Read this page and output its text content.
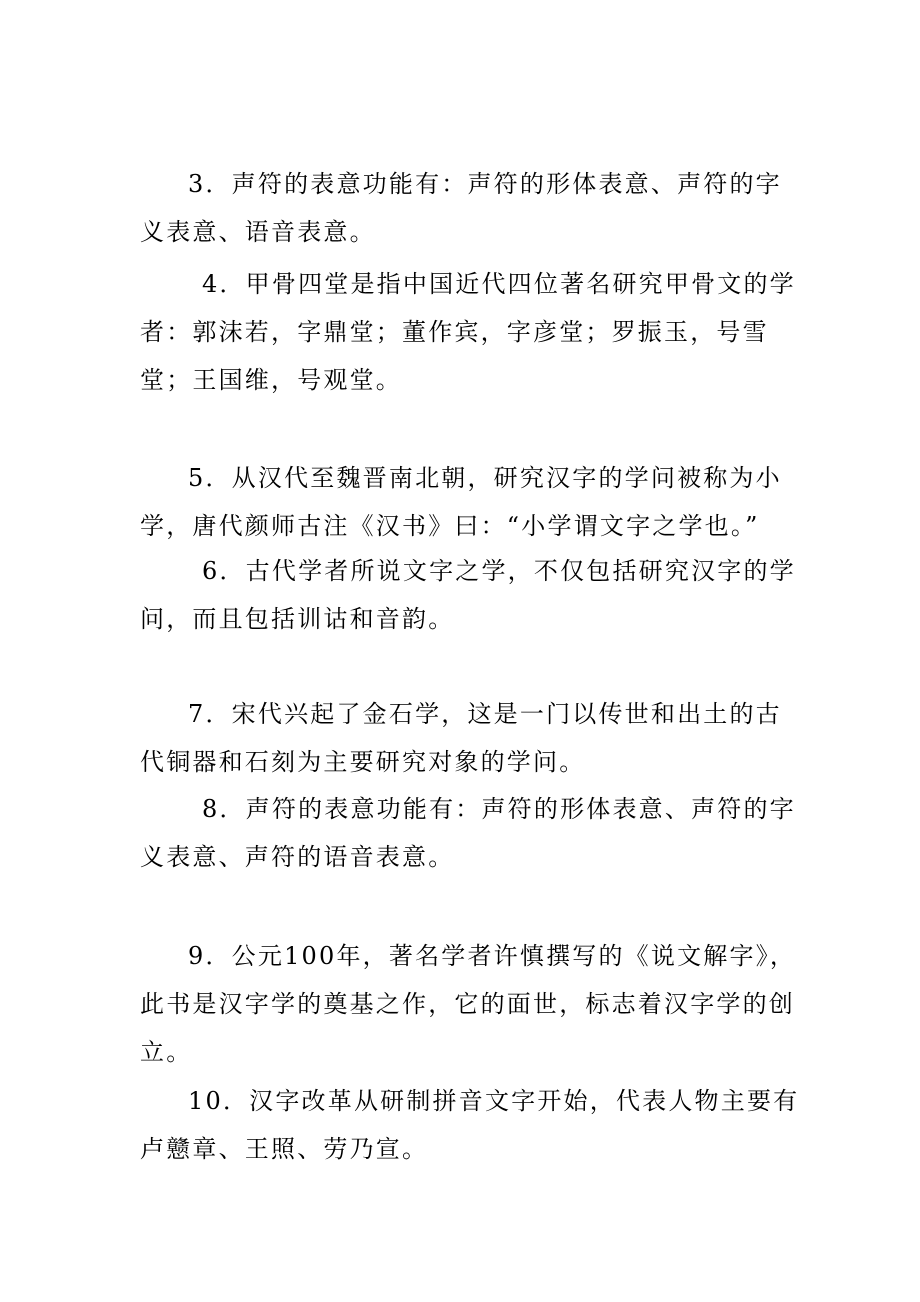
3．声符的表意功能有：声符的形体表意、声符的字义表意、语音表意。

4．甲骨四堂是指中国近代四位著名研究甲骨文的学者：郭沫若，字鼎堂；董作宾，字彦堂；罗振玉，号雪堂；王国维，号观堂。

5．从汉代至魏晋南北朝，研究汉字的学问被称为小学，唐代颜师古注《汉书》曰：“小学谓文字之学也。”

6．古代学者所说文字之学，不仅包括研究汉字的学问，而且包括训诂和音韵。

7．宋代兴起了金石学，这是一门以传世和出土的古代铜器和石刻为主要研究对象的学问。

8．声符的表意功能有：声符的形体表意、声符的字义表意、声符的语音表意。

9．公元100年，著名学者许慎撰写的《说文解字》，此书是汉字学的奠基之作，它的面世，标志着汉字学的创立。

10．汉字改革从研制拼音文字开始，代表人物主要有卢戆章、王照、劳乃宣。
